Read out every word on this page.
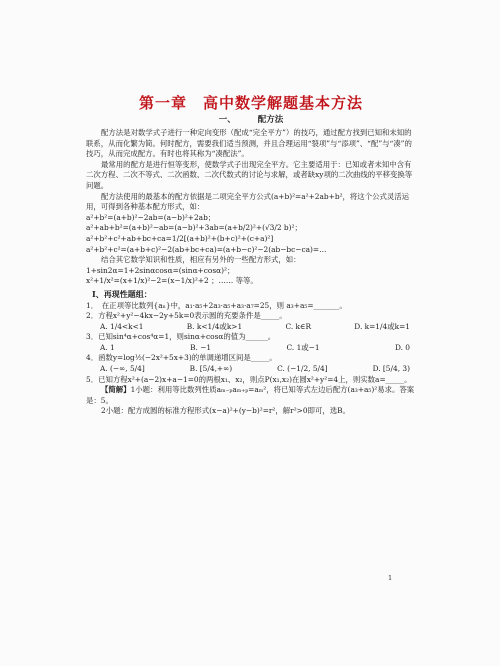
第一章　高中数学解题基本方法
一、	配方法

配方法是对数学式子进行一种定向变形（配成“完全平方”）的技巧，通过配方找到已知和未知的联系，从而化繁为简。何时配方，需要我们适当预测，并且合理运用“裂项”与“添项”、“配”与“凑”的技巧，从而完成配方。有时也将其称为“凑配法”。

最常用的配方是进行恒等变形，使数学式子出现完全平方。它主要适用于：已知或者未知中含有二次方程、二次不等式、二次函数、二次代数式的讨论与求解，或者缺xy项的二次曲线的平移变换等问题。

配方法使用的最基本的配方依据是二项完全平方公式(a+b)²=a²+2ab+b²，将这个公式灵活运用，可得到各种基本配方形式，如：

a²+b²=(a+b)²−2ab=(a−b)²+2ab；

a²+ab+b²=(a+b)²−ab=(a−b)²+3ab=(a+b/2)²+(√3/2 b)²；

a²+b²+c²+ab+bc+ca=1/2[(a+b)²+(b+c)²+(c+a)²]

a²+b²+c²=(a+b+c)²−2(ab+bc+ca)=(a+b−c)²−2(ab−bc−ca)=…

结合其它数学知识和性质，相应有另外的一些配方形式，如：

1+sin2α=1+2sinαcosα=(sinα+cosα)²；

x²+1/x²=(x+1/x)²−2=(x−1/x)²+2 ；…… 等等。

Ⅰ、再现性题组：

1．　在正项等比数列{aₙ}中，a₁·a₅+2a₃·a₅+a₃·a₇=25，则 a₃+a₅=_______。

2．方程x²+y²−4kx−2y+5k=0表示圆的充要条件是_____。

A. 1/4<k<1	B. k<1/4或k>1	C. k∈R	D. k=1/4或k=1

3．已知sin⁴α+cos⁴α=1，则sinα+cosα的值为______。

A. 1	B. −1	C. 1或−1	D. 0

4．函数y=log½(−2x²+5x+3)的单调递增区间是_____。

A. (−∞, 5/4]	B. [5/4,+∞)	C. (−1/2, 5/4]	D. [5/4, 3)

5．已知方程x²+(a−2)x+a−1=0的两根x₁、x₂，则点P(x₁,x₂)在圆x²+y²=4上，则实数a=_____。

【简解】1小题：利用等比数列性质aₘ₋ₚaₘ₊ₚ=aₘ²，将已知等式左边后配方(a₃+a₅)²易求。答案是：5。

2小题：配方成圆的标准方程形式(x−a)²+(y−b)²=r²，解r²>0即可，选B。

1
